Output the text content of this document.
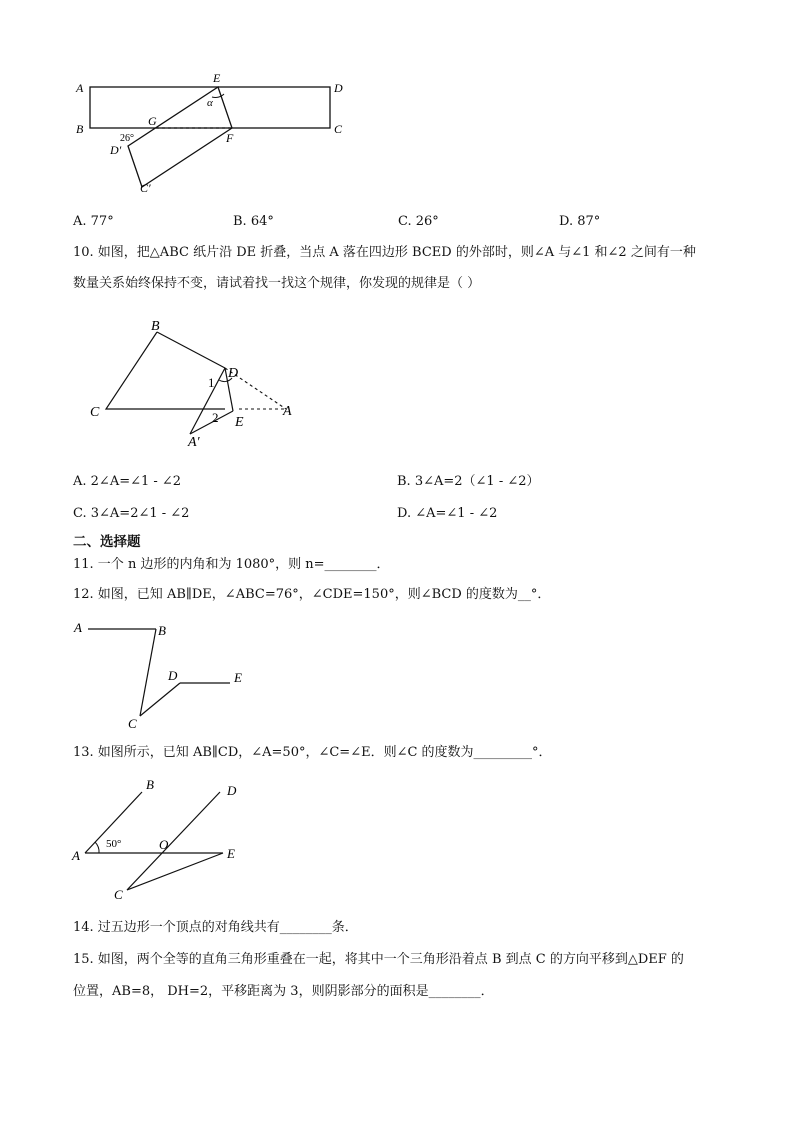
A
B
D
C
E
α
G
26°	F
D′
C′
A. 77°	B. 64°	C. 26°	D. 87°
10. 如图，把△ABC 纸片沿 DE 折叠，当点 A 落在四边形 BCED 的外部时，则∠A 与∠1 和∠2 之间有一种
数量关系始终保持不变，请试着找一找这个规律，你发现的规律是（ ）
B
C
D
E
A
A′
1
2
A. 2∠A=∠1 - ∠2	B. 3∠A=2（∠1 - ∠2）
C. 3∠A=2∠1 - ∠2	D. ∠A=∠1 - ∠2
二、选择题
11. 一个 n 边形的内角和为 1080°，则 n=________．
12. 如图，已知 AB∥DE，∠ABC=76°，∠CDE=150°，则∠BCD 的度数为__°．
A	B
C
D	E
13. 如图所示，已知 AB∥CD，∠A=50°，∠C=∠E．则∠C 的度数为_________°．
A
B
C
D
E
O
50°
14. 过五边形一个顶点的对角线共有________条．
15. 如图，两个全等的直角三角形重叠在一起，将其中一个三角形沿着点 B 到点 C 的方向平移到△DEF 的
位置，AB=8， DH=2，平移距离为 3，则阴影部分的面积是________．
